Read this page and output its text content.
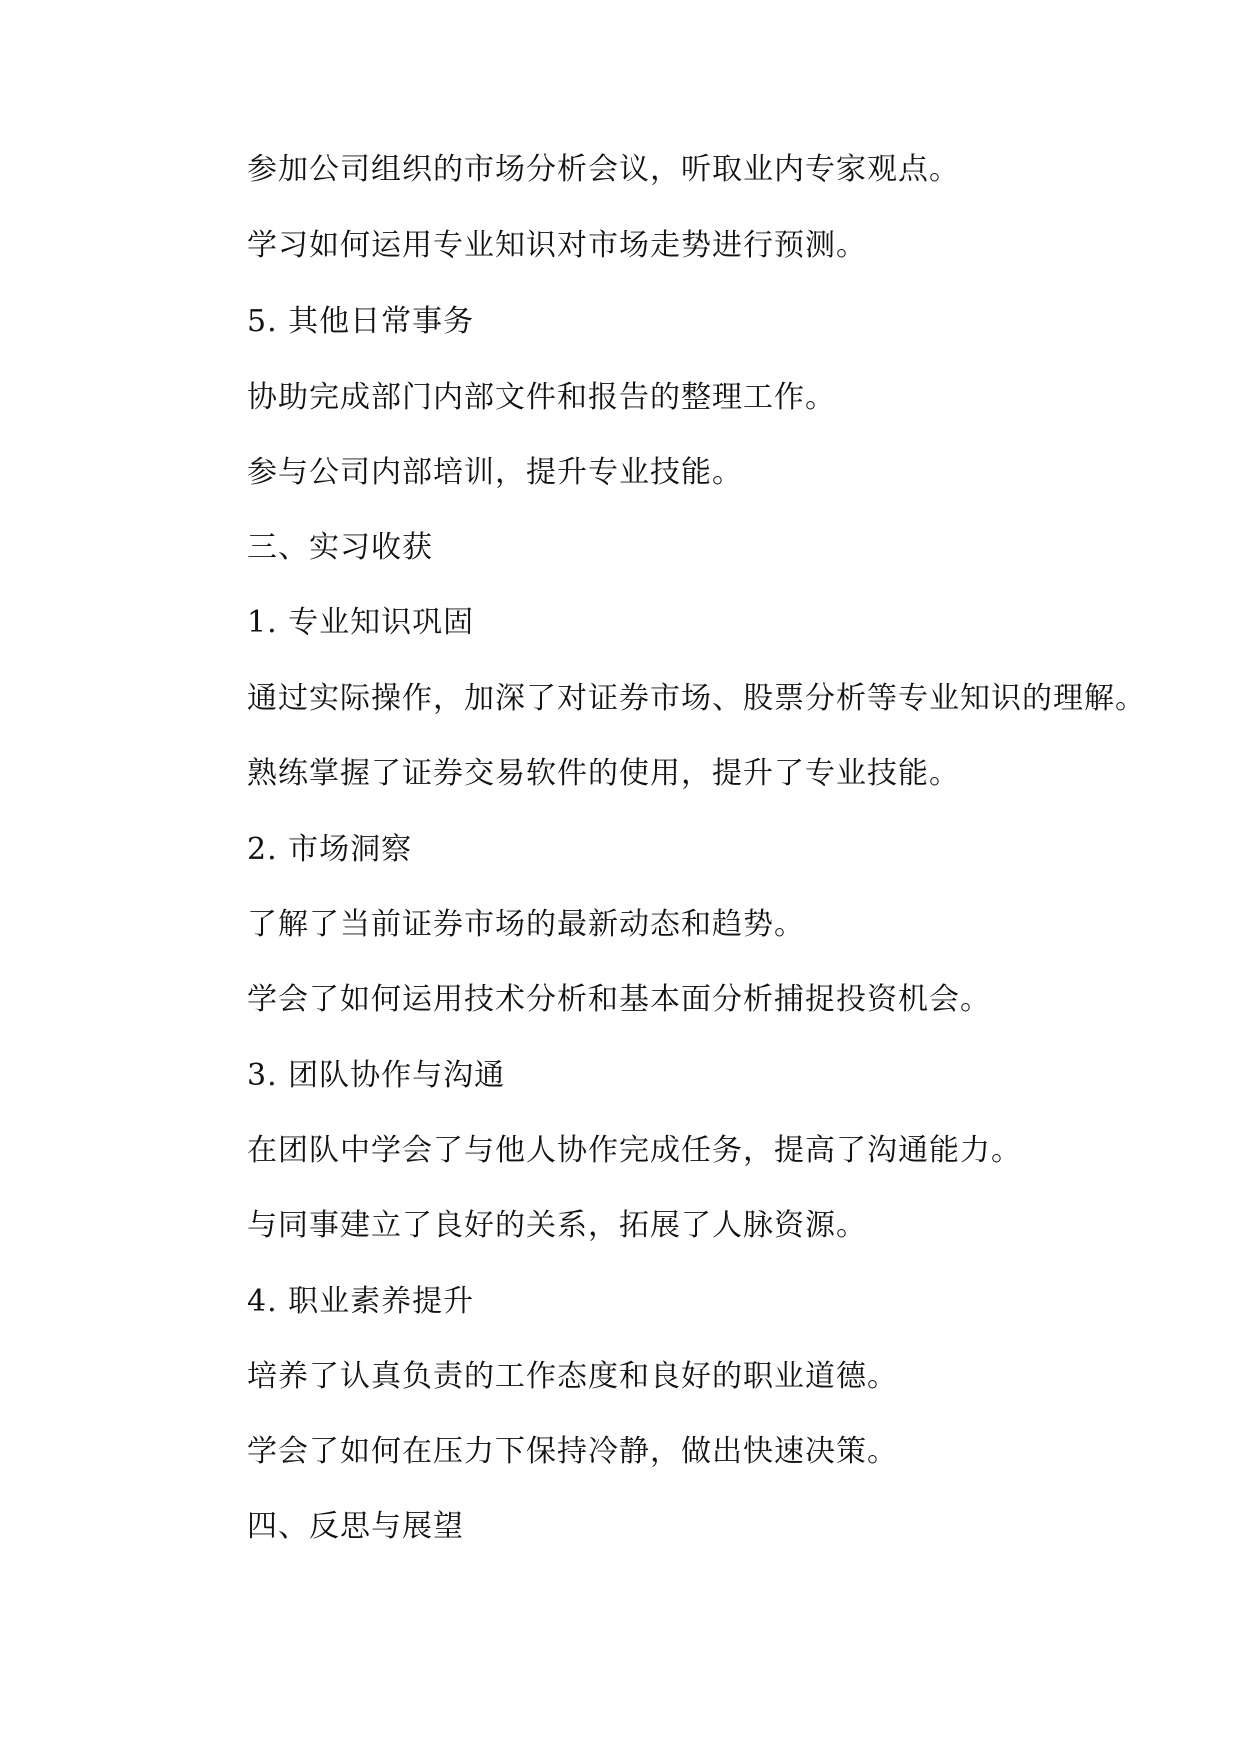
参加公司组织的市场分析会议，听取业内专家观点。
学习如何运用专业知识对市场走势进行预测。
5. 其他日常事务
协助完成部门内部文件和报告的整理工作。
参与公司内部培训，提升专业技能。
三、实习收获
1. 专业知识巩固
通过实际操作，加深了对证券市场、股票分析等专业知识的理解。
熟练掌握了证券交易软件的使用，提升了专业技能。
2. 市场洞察
了解了当前证券市场的最新动态和趋势。
学会了如何运用技术分析和基本面分析捕捉投资机会。
3. 团队协作与沟通
在团队中学会了与他人协作完成任务，提高了沟通能力。
与同事建立了良好的关系，拓展了人脉资源。
4. 职业素养提升
培养了认真负责的工作态度和良好的职业道德。
学会了如何在压力下保持冷静，做出快速决策。
四、反思与展望
